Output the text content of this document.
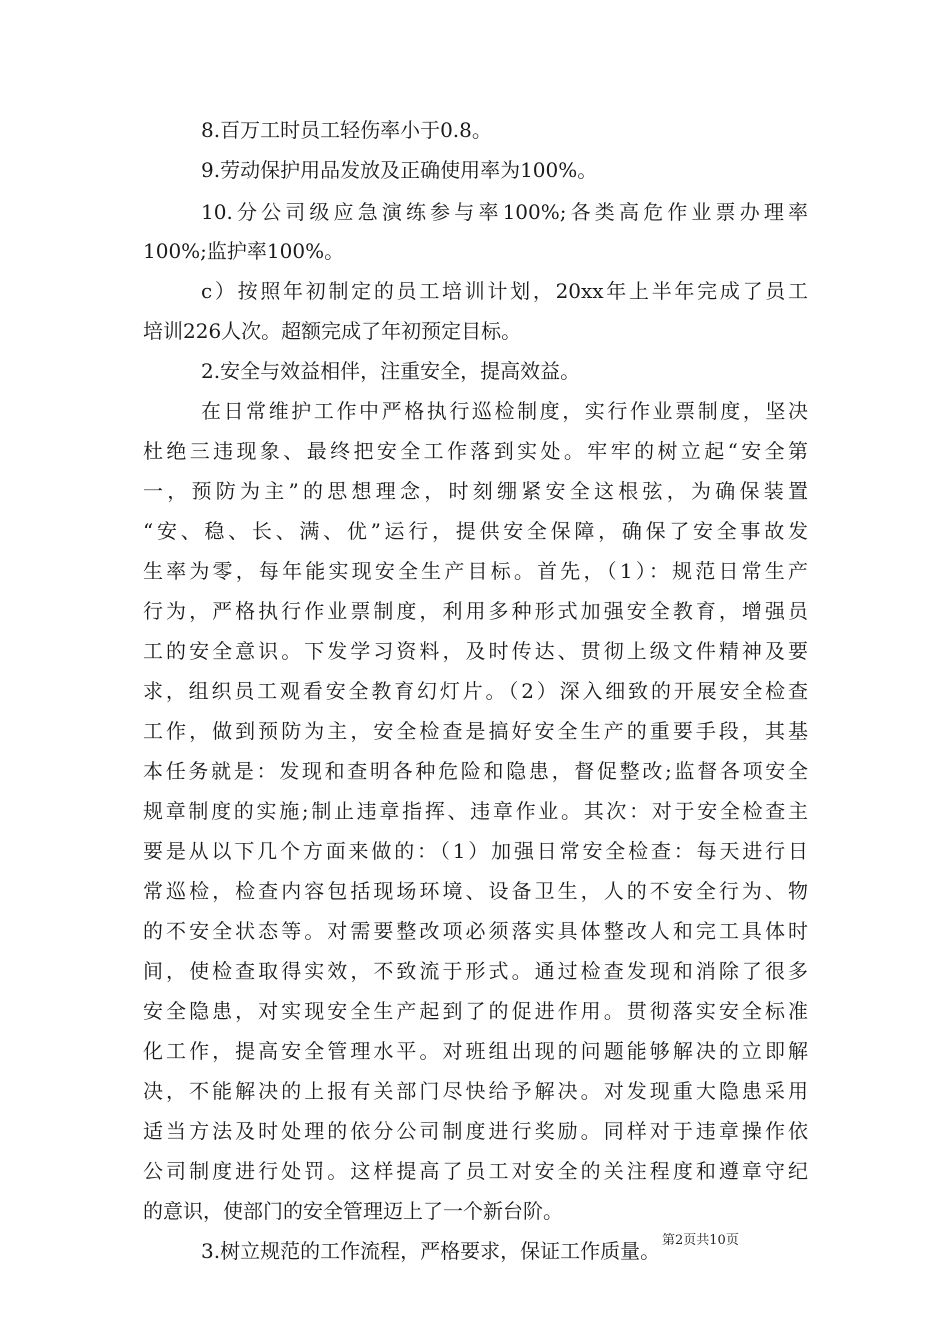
8.百万工时员工轻伤率小于0.8。
9.劳动保护用品发放及正确使用率为100%。
10.分公司级应急演练参与率100%;各类高危作业票办理率
100%;监护率100%。
c）按照年初制定的员工培训计划，20xx年上半年完成了员工
培训226人次。超额完成了年初预定目标。
2.安全与效益相伴，注重安全，提高效益。
在日常维护工作中严格执行巡检制度，实行作业票制度，坚决
杜绝三违现象、最终把安全工作落到实处。牢牢的树立起“安全第
一，预防为主”的思想理念，时刻绷紧安全这根弦，为确保装置
“安、稳、长、满、优”运行，提供安全保障，确保了安全事故发
生率为零，每年能实现安全生产目标。首先，（1）：规范日常生产
行为，严格执行作业票制度，利用多种形式加强安全教育，增强员
工的安全意识。下发学习资料，及时传达、贯彻上级文件精神及要
求，组织员工观看安全教育幻灯片。（2）深入细致的开展安全检查
工作，做到预防为主，安全检查是搞好安全生产的重要手段，其基
本任务就是：发现和查明各种危险和隐患，督促整改;监督各项安全
规章制度的实施;制止违章指挥、违章作业。其次：对于安全检查主
要是从以下几个方面来做的：（1）加强日常安全检查：每天进行日
常巡检，检查内容包括现场环境、设备卫生，人的不安全行为、物
的不安全状态等。对需要整改项必须落实具体整改人和完工具体时
间，使检查取得实效，不致流于形式。通过检查发现和消除了很多
安全隐患，对实现安全生产起到了的促进作用。贯彻落实安全标准
化工作，提高安全管理水平。对班组出现的问题能够解决的立即解
决，不能解决的上报有关部门尽快给予解决。对发现重大隐患采用
适当方法及时处理的依分公司制度进行奖励。同样对于违章操作依
公司制度进行处罚。这样提高了员工对安全的关注程度和遵章守纪
的意识，使部门的安全管理迈上了一个新台阶。
3.树立规范的工作流程，严格要求，保证工作质量。 第2页共10页
